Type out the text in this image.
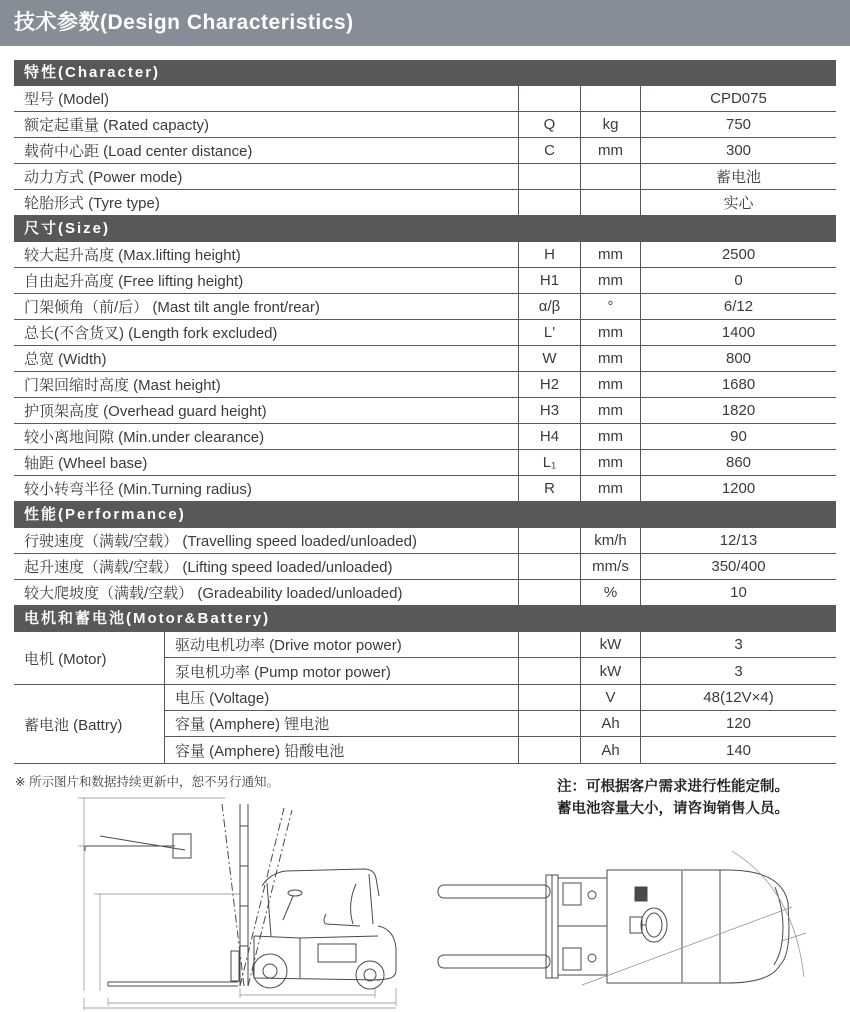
技术参数(Design Characteristics)
特性(Character)
型号 (Model)	CPD075
额定起重量 (Rated capacty)	Q	kg	750
载荷中心距 (Load center distance)	C	mm	300
动力方式 (Power mode)	蓄电池
轮胎形式 (Tyre type)	实心
尺寸(Size)
较大起升高度 (Max.lifting height)	H	mm	2500
自由起升高度 (Free lifting height)	H1	mm	0
门架倾角（前/后） (Mast tilt angle front/rear)	α/β	°	6/12
总长(不含货叉) (Length fork excluded)	L'	mm	1400
总宽 (Width)	W	mm	800
门架回缩时高度 (Mast height)	H2	mm	1680
护顶架高度 (Overhead guard height)	H3	mm	1820
较小离地间隙 (Min.under clearance)	H4	mm	90
轴距 (Wheel base)	L₁	mm	860
较小转弯半径 (Min.Turning radius)	R	mm	1200
性能(Performance)
行驶速度（满载/空载） (Travelling speed loaded/unloaded)	km/h	12/13
起升速度（满载/空载） (Lifting speed loaded/unloaded)	mm/s	350/400
较大爬坡度（满载/空载） (Gradeability loaded/unloaded)	%	10
电机和蓄电池(Motor&Battery)
电机 (Motor)
驱动电机功率 (Drive motor power)	kW	3
泵电机功率 (Pump motor power)	kW	3
蓄电池 (Battry)
电压 (Voltage)	V	48(12V×4)
容量 (Amphere) 锂电池	Ah	120
容量 (Amphere) 铅酸电池	Ah	140
※ 所示图片和数据持续更新中，恕不另行通知。	注：可根据客户需求进行性能定制。
蓄电池容量大小，请咨询销售人员。
